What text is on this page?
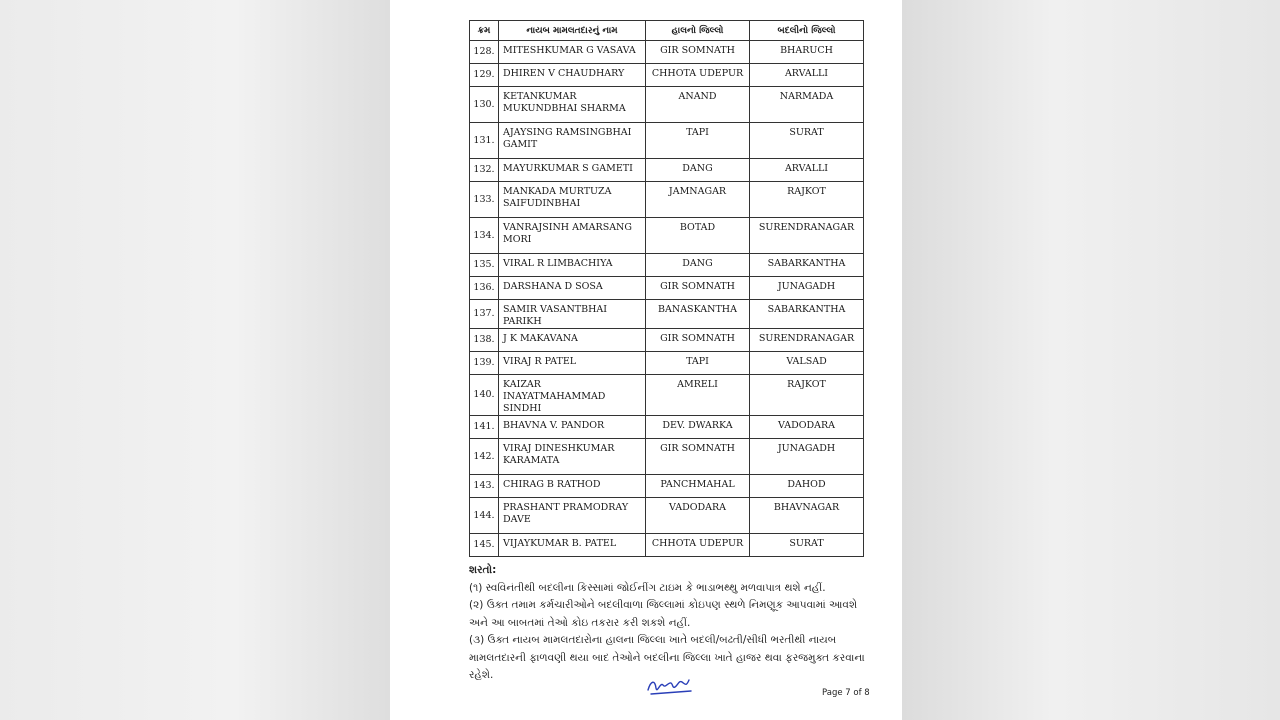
ક્રમ	નાયબ મામલતદારનું નામ	હાલનો જિલ્લો	બદલીનો જિલ્લો
128.	MITESHKUMAR G VASAVA	GIR SOMNATH	BHARUCH
129.	DHIREN V CHAUDHARY	CHHOTA UDEPUR	ARVALLI
130.	KETANKUMAR MUKUNDBHAI SHARMA	ANAND	NARMADA
131.	AJAYSING RAMSINGBHAI GAMIT	TAPI	SURAT
132.	MAYURKUMAR S GAMETI	DANG	ARVALLI
133.	MANKADA MURTUZA SAIFUDINBHAI	JAMNAGAR	RAJKOT
134.	VANRAJSINH AMARSANG MORI	BOTAD	SURENDRANAGAR
135.	VIRAL R LIMBACHIYA	DANG	SABARKANTHA
136.	DARSHANA D SOSA	GIR SOMNATH	JUNAGADH
137.	SAMIR VASANTBHAI PARIKH	BANASKANTHA	SABARKANTHA
138.	J K MAKAVANA	GIR SOMNATH	SURENDRANAGAR
139.	VIRAJ R PATEL	TAPI	VALSAD
140.	KAIZAR INAYATMAHAMMAD SINDHI	AMRELI	RAJKOT
141.	BHAVNA V. PANDOR	DEV. DWARKA	VADODARA
142.	VIRAJ DINESHKUMAR KARAMATA	GIR SOMNATH	JUNAGADH
143.	CHIRAG B RATHOD	PANCHMAHAL	DAHOD
144.	PRASHANT PRAMODRAY DAVE	VADODARA	BHAVNAGAR
145.	VIJAYKUMAR B. PATEL	CHHOTA UDEPUR	SURAT

શરતો:

(૧) સ્વવિનંતીથી બદલીના કિસ્સામાં જોઈનીંગ ટાઇમ કે ભાડાભથ્થુ મળવાપાત્ર થશે નહીં.

(૨) ઉક્ત તમામ કર્મચારીઓને બદલીવાળા જિલ્લામાં કોઇપણ સ્થળે નિમણૂક આપવામાં આવશે અને આ બાબતમાં તેઓ કોઇ તકરાર કરી શકશે નહીં.

(૩) ઉક્ત નાયબ મામલતદારોના હાલના જિલ્લા ખાતે બદલી/બઢતી/સીધી ભરતીથી નાયબ મામલતદારની ફાળવણી થયા બાદ તેઓને બદલીના જિલ્લા ખાતે હાજર થવા ફરજમુક્ત કરવાના રહેશે.

Page 7 of 8
